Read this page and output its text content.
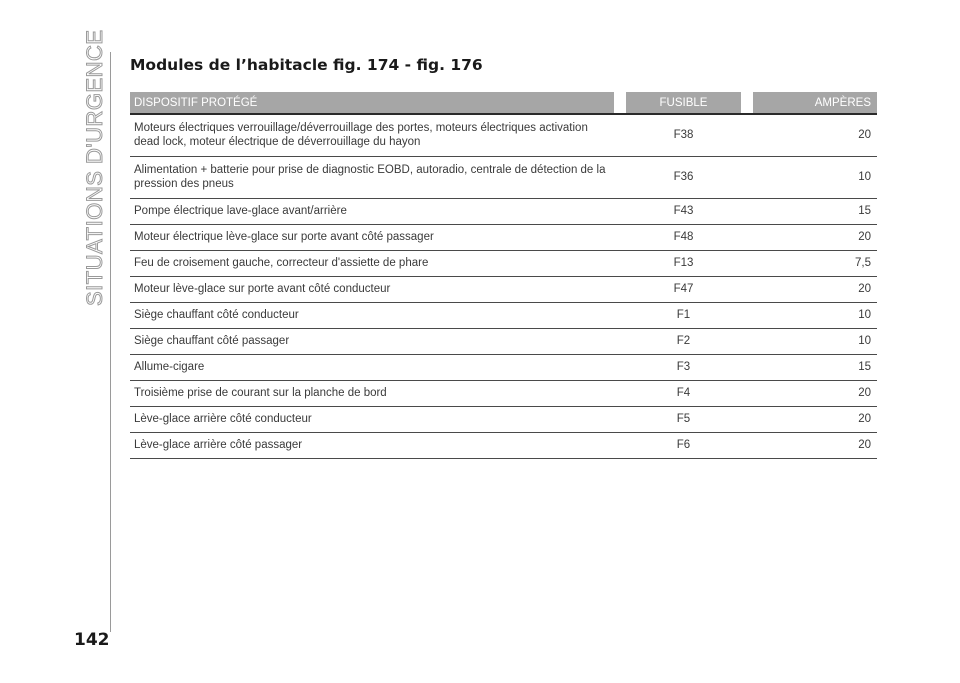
SITUATIONS D'URGENCE Modules de l’habitacle fig. 174 - fig. 176
DISPOSITIF PROTÉGÉ		FUSIBLE		AMPÈRES
Moteurs électriques verrouillage/déverrouillage des portes, moteurs électriques activation dead lock, moteur électrique de déverrouillage du hayon		F38		20
Alimentation + batterie pour prise de diagnostic EOBD, autoradio, centrale de détection de la pression des pneus		F36		10
Pompe électrique lave-glace avant/arrière		F43		15
Moteur électrique lève-glace sur porte avant côté passager		F48		20
Feu de croisement gauche, correcteur d'assiette de phare		F13		7,5
Moteur lève-glace sur porte avant côté conducteur		F47		20
Siège chauffant côté conducteur		F1		10
Siège chauffant côté passager		F2		10
Allume-cigare		F3		15
Troisième prise de courant sur la planche de bord		F4		20
Lève-glace arrière côté conducteur		F5		20
Lève-glace arrière côté passager		F6		20
142
